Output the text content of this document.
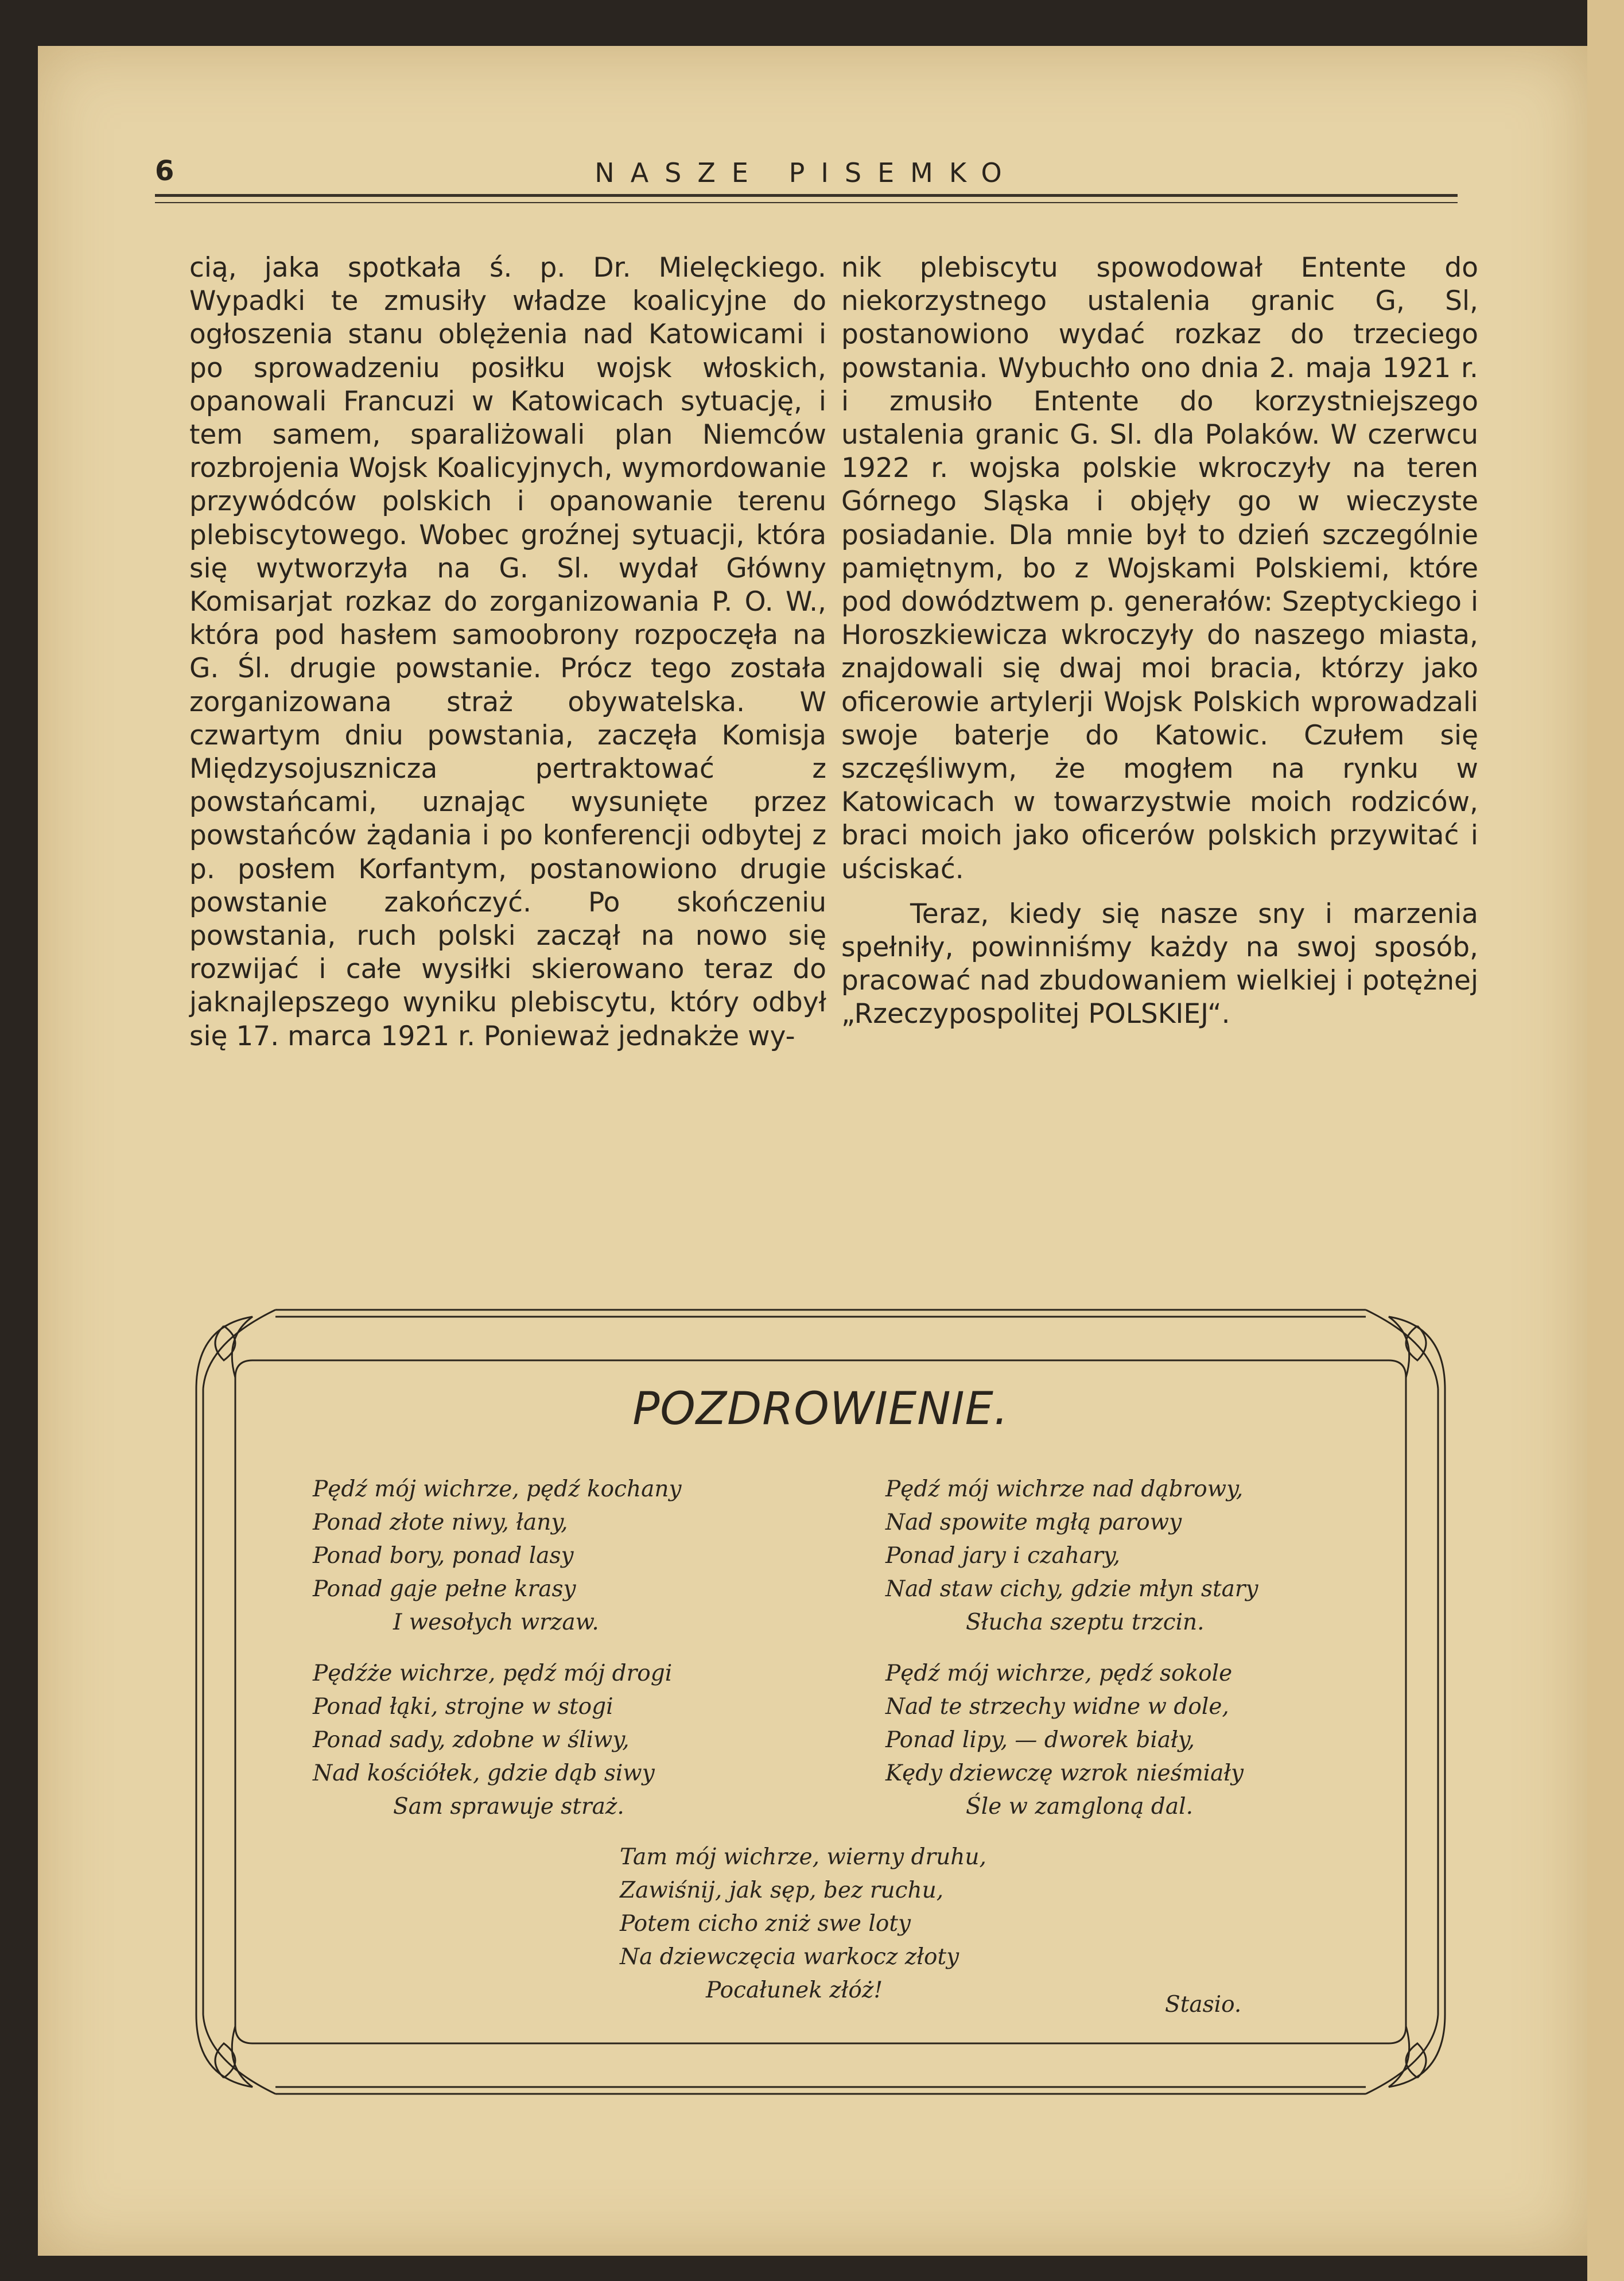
6	NASZE PISEMKO

cią, jaka spotkała ś. p. Dr. Mielęckiego. Wypadki te zmusiły władze koalicyjne do ogłoszenia stanu oblężenia nad Katowicami i po sprowadzeniu posiłku wojsk włoskich, opanowali Francuzi w Katowicach sytuację, i tem samem, sparaliżowali plan Niemców rozbrojenia Wojsk Koalicyjnych, wymordowanie przywódców polskich i opanowanie terenu plebiscytowego. Wobec groźnej sytuacji, która się wytworzyła na G. Sl. wydał Główny Komisarjat rozkaz do zorganizowania P. O. W., która pod hasłem samoobrony rozpoczęła na G. Śl. drugie powstanie. Prócz tego została zorganizowana straż obywatelska. W czwartym dniu powstania, zaczęła Komisja Międzysojusznicza pertraktować z powstańcami, uznając wysunięte przez powstańców żądania i po konferencji odbytej z p. posłem Korfantym, postanowiono drugie powstanie zakończyć. Po skończeniu powstania, ruch polski zaczął na nowo się rozwijać i całe wysiłki skierowano teraz do jaknajlepszego wyniku plebiscytu, który odbył się 17. marca 1921 r. Ponieważ jednakże wy-

nik plebiscytu spowodował Entente do niekorzystnego ustalenia granic G, Sl, postanowiono wydać rozkaz do trzeciego powstania. Wybuchło ono dnia 2. maja 1921 r. i zmusiło Entente do korzystniejszego ustalenia granic G. Sl. dla Polaków. W czerwcu 1922 r. wojska polskie wkroczyły na teren Górnego Sląska i objęły go w wieczyste posiadanie. Dla mnie był to dzień szczególnie pamiętnym, bo z Wojskami Polskiemi, które pod dowództwem p. generałów: Szeptyckiego i Horoszkiewicza wkroczyły do naszego miasta, znajdowali się dwaj moi bracia, którzy jako oficerowie artylerji Wojsk Polskich wprowadzali swoje baterje do Katowic. Czułem się szczęśliwym, że mogłem na rynku w Katowicach w towarzystwie moich rodziców, braci moich jako oficerów polskich przywitać i uściskać.

Teraz, kiedy się nasze sny i marzenia spełniły, powinniśmy każdy na swoj sposób, pracować nad zbudowaniem wielkiej i potężnej „Rzeczypospolitej POLSKIEJ“.

POZDROWIENIE.
Pędź mój wichrze, pędź kochany
Ponad złote niwy, łany,
Ponad bory, ponad lasy
Ponad gaje pełne krasy
I wesołych wrzaw.
Pędźże wichrze, pędź mój drogi
Ponad łąki, strojne w stogi
Ponad sady, zdobne w śliwy,
Nad kościółek, gdzie dąb siwy
Sam sprawuje straż.
Pędź mój wichrze nad dąbrowy,
Nad spowite mgłą parowy
Ponad jary i czahary,
Nad staw cichy, gdzie młyn stary
Słucha szeptu trzcin.
Pędź mój wichrze, pędź sokole
Nad te strzechy widne w dole,
Ponad lipy, — dworek biały,
Kędy dziewczę wzrok nieśmiały
Śle w zamgloną dal.
Tam mój wichrze, wierny druhu,
Zawiśnij, jak sęp, bez ruchu,
Potem cicho zniż swe loty
Na dziewczęcia warkocz złoty
Pocałunek złóż!
Stasio.
